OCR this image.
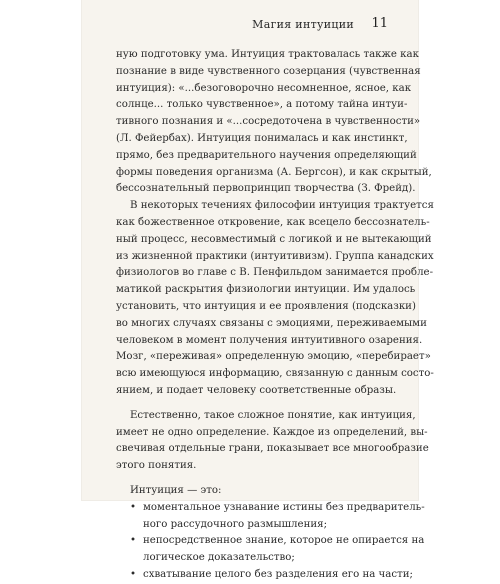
Магия интуиции 11
ную подготовку ума. Интуиция трактовалась также как
познание в виде чувственного созерцания (чувственная
интуиция): «...безоговорочно несомненное, ясное, как
солнце... только чувственное», а потому тайна интуи-
тивного познания и «...сосредоточена в чувственности»
(Л. Фейербах). Интуиция понималась и как инстинкт,
прямо, без предварительного научения определяющий
формы поведения организма (А. Бергсон), и как скрытый,
бессознательный первопринцип творчества (З. Фрейд).
В некоторых течениях философии интуиция трактуется
как божественное откровение, как всецело бессознатель-
ный процесс, несовместимый с логикой и не вытекающий
из жизненной практики (интуитивизм). Группа канадских
физиологов во главе с В. Пенфильдом занимается пробле-
матикой раскрытия физиологии интуиции. Им удалось
установить, что интуиция и ее проявления (подсказки)
во многих случаях связаны с эмоциями, переживаемыми
человеком в момент получения интуитивного озарения.
Мозг, «переживая» определенную эмоцию, «перебирает»
всю имеющуюся информацию, связанную с данным состо-
янием, и подает человеку соответственные образы.
Естественно, такое сложное понятие, как интуиция,
имеет не одно определение. Каждое из определений, вы-
свечивая отдельные грани, показывает все многообразие
этого понятия.
Интуиция — это:
• моментальное узнавание истины без предваритель-
ного рассудочного размышления;
• непосредственное знание, которое не опирается на
логическое доказательство;
• схватывание целого без разделения его на части;
